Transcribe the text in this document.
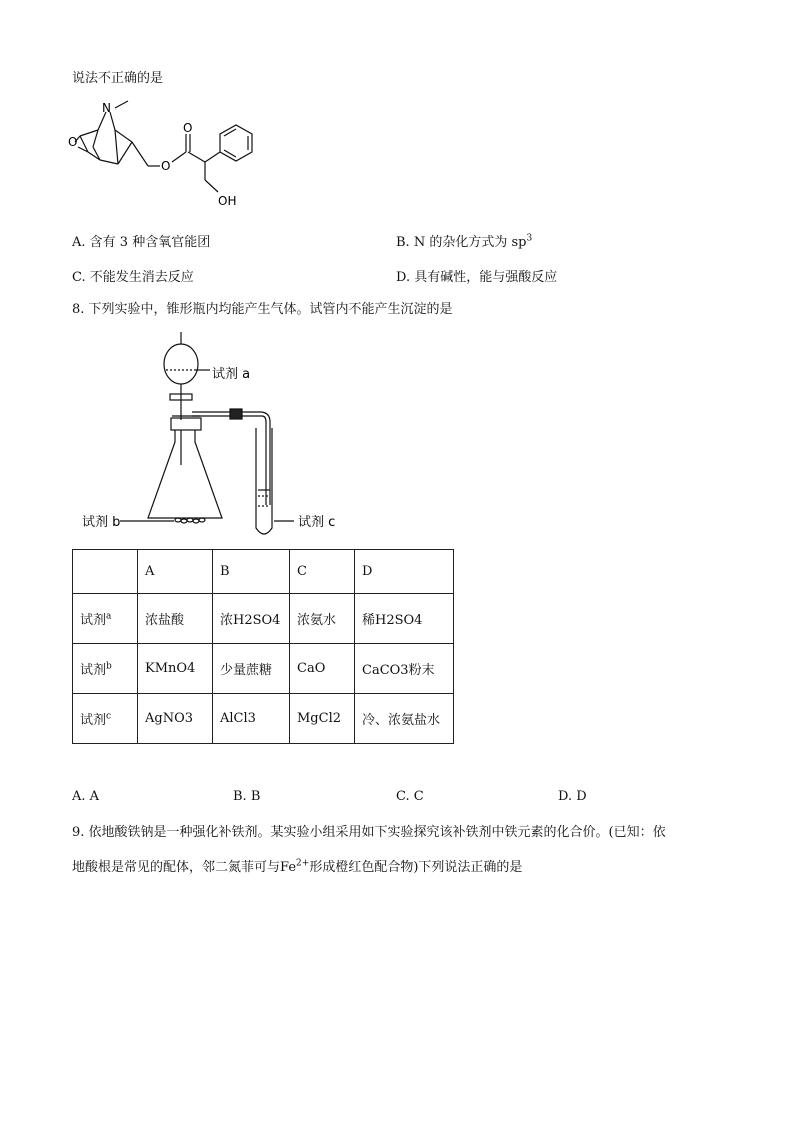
说法不正确的是
N
O
O
O
OH
A. 含有 3 种含氧官能团	B. N 的杂化方式为 $sp^3$
C. 不能发生消去反应	D. 具有碱性，能与强酸反应
8. 下列实验中，锥形瓶内均能产生气体。试管内不能产生沉淀的是
试剂 a
试剂 b	试剂 c
	A	B	C	D
试剂$^a$	浓盐酸	浓H2SO4	浓氨水	稀H2SO4
试剂$^b$	KMnO4	少量蔗糖	CaO	CaCO3粉末
试剂$^c$	AgNO3	AlCl3	MgCl2	冷、浓氨盐水
A. A	B. B	C. C	D. D
9. 依地酸铁钠是一种强化补铁剂。某实验小组采用如下实验探究该补铁剂中铁元素的化合价。(已知：依
地酸根是常见的配体，邻二氮菲可与$Fe^{2+}$形成橙红色配合物)下列说法正确的是
